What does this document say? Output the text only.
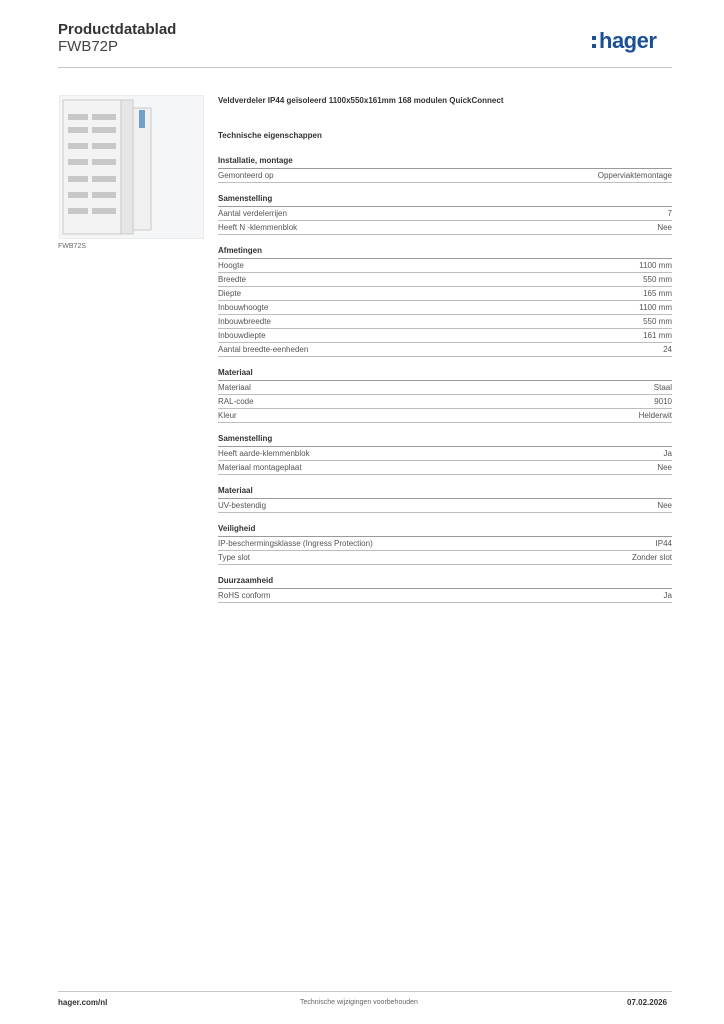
Productdatablad
FWB72P	hager
FWB72S
Veldverdeler IP44 geïsoleerd 1100x550x161mm 168 modulen QuickConnect
Technische eigenschappen
Installatie, montage
Gemonteerd op	Opperviaktemontage
Samenstelling
Aantal verdelerrijen	7
Heeft N -klemmenblok	Nee
Afmetingen
Hoogte	1100 mm
Breedte	550 mm
Diepte	165 mm
Inbouwhoogte	1100 mm
Inbouwbreedte	550 mm
Inbouwdiepte	161 mm
Aantal breedte-eenheden	24
Materiaal
Materiaal	Staal
RAL-code	9010
Kleur	Helderwit
Samenstelling
Heeft aarde-klemmenblok	Ja
Materiaal montageplaat	Nee
Materiaal
UV-bestendig	Nee
Veiligheid
IP-beschermingsklasse (Ingress Protection)	IP44
Type slot	Zonder slot
Duurzaamheid
RoHS conform	Ja
hager.com/nl	Technische wijzigingen voorbehouden	07.02.2026
